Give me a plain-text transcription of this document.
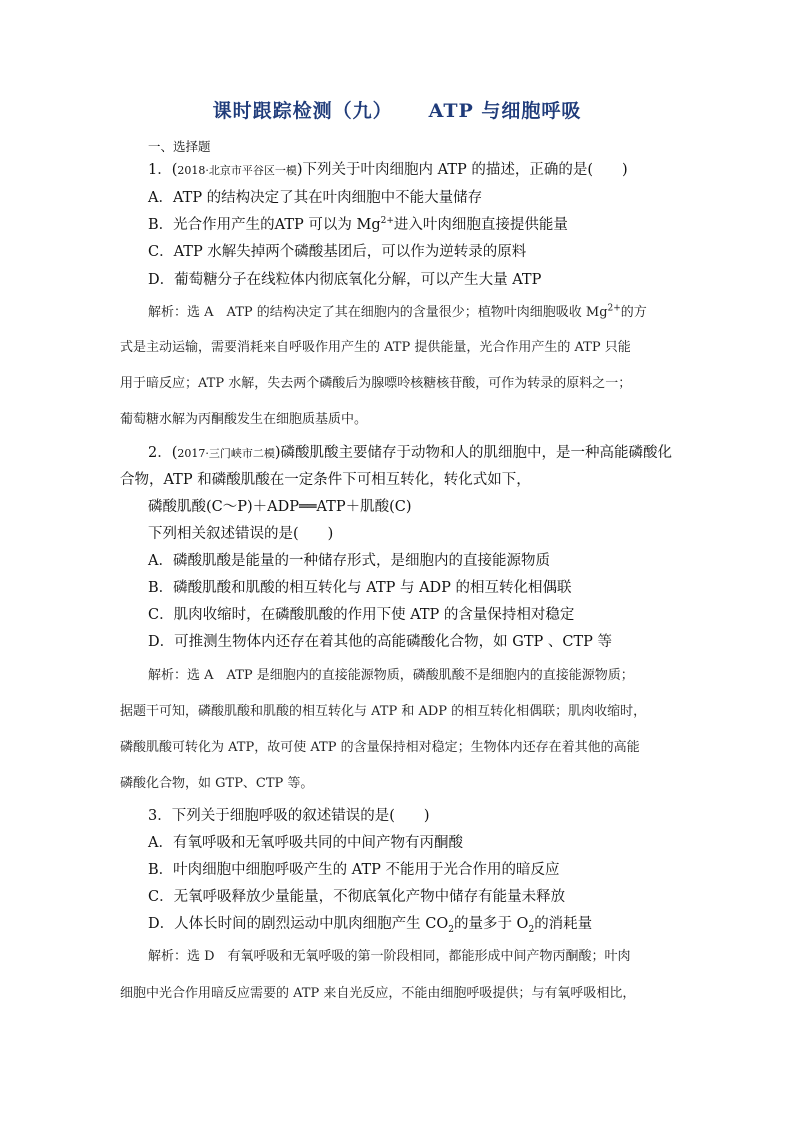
课时跟踪检测（九） ATP 与细胞呼吸
一、选择题
1．(2018·北京市平谷区一模)下列关于叶肉细胞内 ATP 的描述，正确的是(　　)
A．ATP 的结构决定了其在叶肉细胞中不能大量储存
B．光合作用产生的ATP 可以为 $Mg^{2+}$进入叶肉细胞直接提供能量
C．ATP 水解失掉两个磷酸基团后，可以作为逆转录的原料
D．葡萄糖分子在线粒体内彻底氧化分解，可以产生大量 ATP
解析：选 A　ATP 的结构决定了其在细胞内的含量很少；植物叶肉细胞吸收 $Mg^{2+}$的方
式是主动运输，需要消耗来自呼吸作用产生的 ATP 提供能量，光合作用产生的 ATP 只能
用于暗反应；ATP 水解，失去两个磷酸后为腺嘌呤核糖核苷酸，可作为转录的原料之一；
葡萄糖水解为丙酮酸发生在细胞质基质中。
2．(2017·三门峡市二模)磷酸肌酸主要储存于动物和人的肌细胞中，是一种高能磷酸化
合物，ATP 和磷酸肌酸在一定条件下可相互转化，转化式如下，
磷酸肌酸(C～P)＋ADP══ATP＋肌酸(C)
下列相关叙述错误的是(　　)
A．磷酸肌酸是能量的一种储存形式，是细胞内的直接能源物质
B．磷酸肌酸和肌酸的相互转化与 ATP 与 ADP 的相互转化相偶联
C．肌肉收缩时，在磷酸肌酸的作用下使 ATP 的含量保持相对稳定
D．可推测生物体内还存在着其他的高能磷酸化合物，如 GTP 、CTP 等
解析：选 A　ATP 是细胞内的直接能源物质，磷酸肌酸不是细胞内的直接能源物质；
据题干可知，磷酸肌酸和肌酸的相互转化与 ATP 和 ADP 的相互转化相偶联；肌肉收缩时，
磷酸肌酸可转化为 ATP，故可使 ATP 的含量保持相对稳定；生物体内还存在着其他的高能
磷酸化合物，如 GTP、CTP 等。
3．下列关于细胞呼吸的叙述错误的是(　　)
A．有氧呼吸和无氧呼吸共同的中间产物有丙酮酸
B．叶肉细胞中细胞呼吸产生的 ATP 不能用于光合作用的暗反应
C．无氧呼吸释放少量能量，不彻底氧化产物中储存有能量未释放
D．人体长时间的剧烈运动中肌肉细胞产生 $CO_2$的量多于 $O_2$的消耗量
解析：选 D　有氧呼吸和无氧呼吸的第一阶段相同，都能形成中间产物丙酮酸；叶肉
细胞中光合作用暗反应需要的 ATP 来自光反应，不能由细胞呼吸提供；与有氧呼吸相比，
